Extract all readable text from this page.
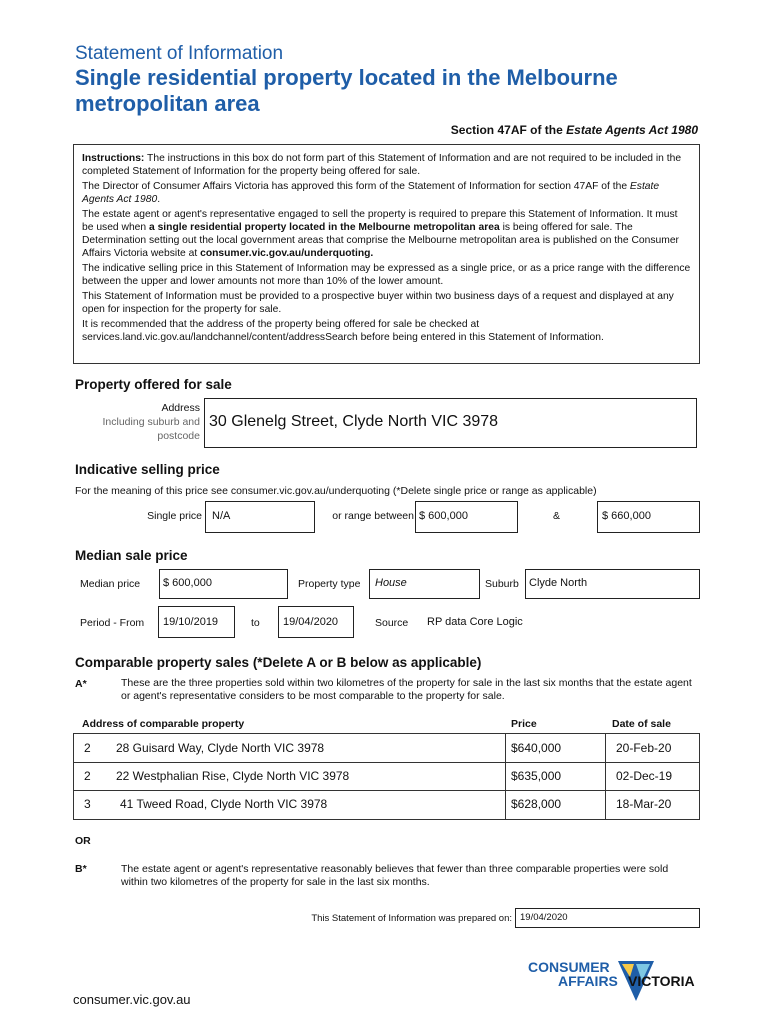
Statement of Information
Single residential property located in the Melbourne metropolitan area
Section 47AF of the Estate Agents Act 1980

Instructions: The instructions in this box do not form part of this Statement of Information and are not required to be included in the completed Statement of Information for the property being offered for sale.

The Director of Consumer Affairs Victoria has approved this form of the Statement of Information for section 47AF of the Estate Agents Act 1980.

The estate agent or agent's representative engaged to sell the property is required to prepare this Statement of Information. It must be used when a single residential property located in the Melbourne metropolitan area is being offered for sale. The Determination setting out the local government areas that comprise the Melbourne metropolitan area is published on the Consumer Affairs Victoria website at consumer.vic.gov.au/underquoting.

The indicative selling price in this Statement of Information may be expressed as a single price, or as a price range with the difference between the upper and lower amounts not more than 10% of the lower amount.

This Statement of Information must be provided to a prospective buyer within two business days of a request and displayed at any open for inspection for the property for sale.

It is recommended that the address of the property being offered for sale be checked at services.land.vic.gov.au/landchannel/content/addressSearch before being entered in this Statement of Information.

Property offered for sale
Address
Including suburb and
postcode
30 Glenelg Street, Clyde North VIC 3978
Indicative selling price
For the meaning of this price see consumer.vic.gov.au/underquoting (*Delete single price or range as applicable)
Single price N/A	or range between $ 600,000	&	$ 660,000
Median sale price
Median price	$ 600,000	Property type	House	Suburb Clyde North
Period - From	19/10/2019	to	19/04/2020	Source	RP data Core Logic
Comparable property sales (*Delete A or B below as applicable)
A*	These are the three properties sold within two kilometres of the property for sale in the last six months that the estate agent or agent's representative considers to be most comparable to the property for sale.
Address of comparable property	Price	Date of sale
2 28 Guisard Way, Clyde North VIC 3978	$640,000	20-Feb-20
2 22 Westphalian Rise, Clyde North VIC 3978	$635,000	02-Dec-19
3 41 Tweed Road, Clyde North VIC 3978	$628,000	18-Mar-20
OR
B*	The estate agent or agent's representative reasonably believes that fewer than three comparable properties were sold within two kilometres of the property for sale in the last six months.
This Statement of Information was prepared on: 19/04/2020
CONSUMER
AFFAIRS VICTORIA
consumer.vic.gov.au
